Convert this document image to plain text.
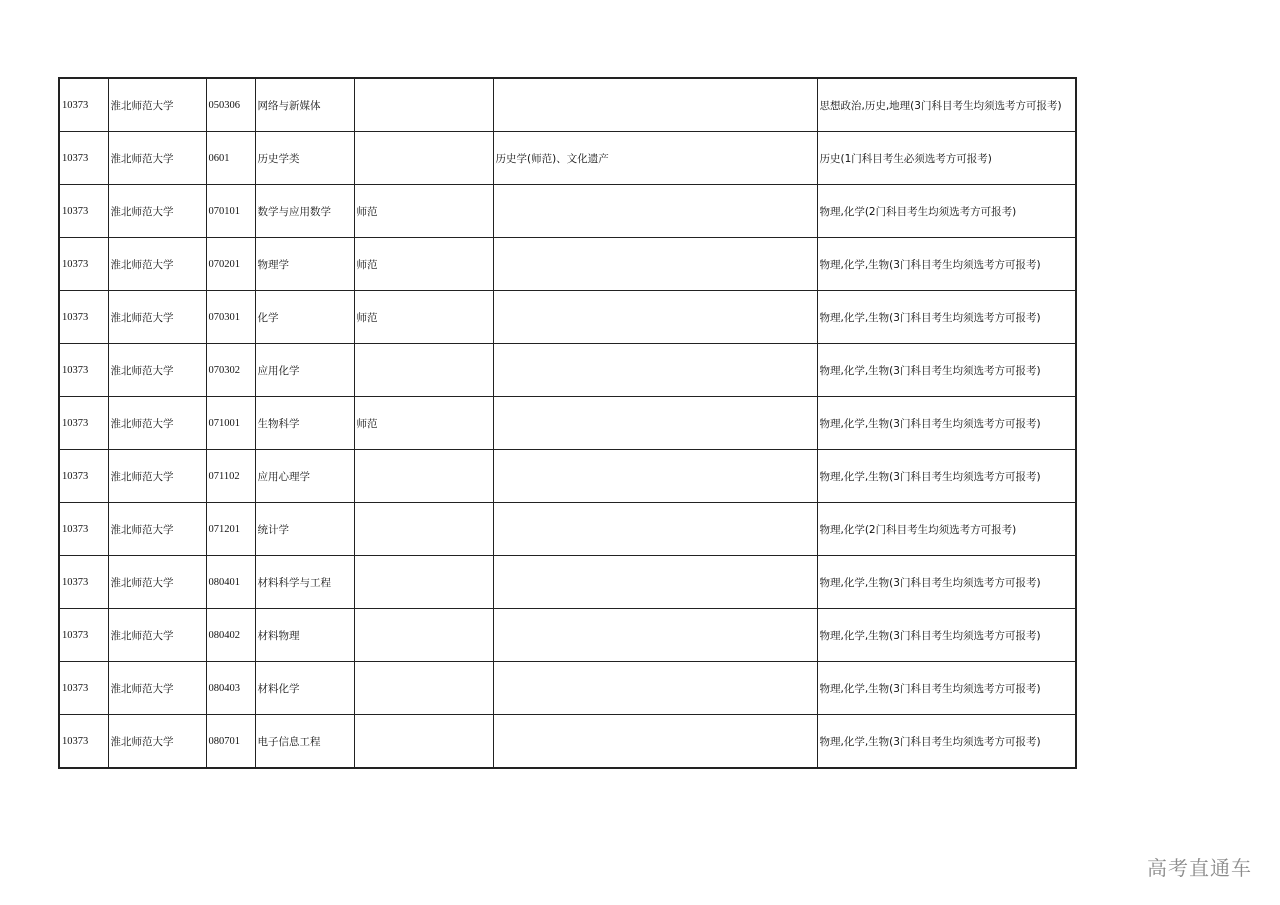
10373	淮北师范大学	050306	网络与新媒体			思想政治,历史,地理(3门科目考生均须选考方可报考)
10373	淮北师范大学	0601	历史学类		历史学(师范)、文化遗产	历史(1门科目考生必须选考方可报考)
10373	淮北师范大学	070101	数学与应用数学	师范		物理,化学(2门科目考生均须选考方可报考)
10373	淮北师范大学	070201	物理学	师范		物理,化学,生物(3门科目考生均须选考方可报考)
10373	淮北师范大学	070301	化学	师范		物理,化学,生物(3门科目考生均须选考方可报考)
10373	淮北师范大学	070302	应用化学			物理,化学,生物(3门科目考生均须选考方可报考)
10373	淮北师范大学	071001	生物科学	师范		物理,化学,生物(3门科目考生均须选考方可报考)
10373	淮北师范大学	071102	应用心理学			物理,化学,生物(3门科目考生均须选考方可报考)
10373	淮北师范大学	071201	统计学			物理,化学(2门科目考生均须选考方可报考)
10373	淮北师范大学	080401	材料科学与工程			物理,化学,生物(3门科目考生均须选考方可报考)
10373	淮北师范大学	080402	材料物理			物理,化学,生物(3门科目考生均须选考方可报考)
10373	淮北师范大学	080403	材料化学			物理,化学,生物(3门科目考生均须选考方可报考)
10373	淮北师范大学	080701	电子信息工程			物理,化学,生物(3门科目考生均须选考方可报考)
高考直通车
